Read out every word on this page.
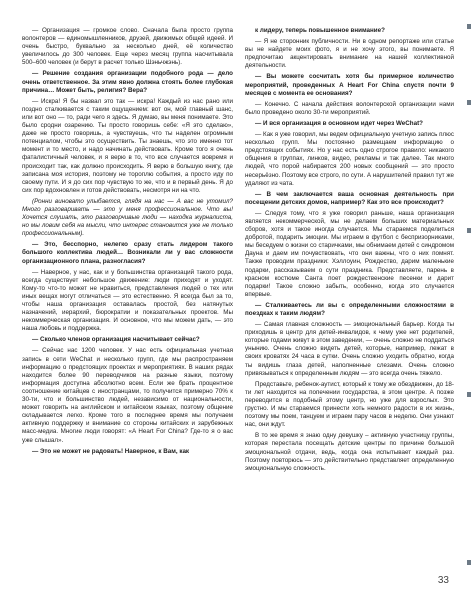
— Организация — громкое слово. Сначала была просто группа волонтеров — единомышленников, друзей, движимых общей идеей. И очень быстро, буквально за несколько дней, её количество увеличилось до 300 человек. Еще через месяц группа насчитывала 500–600 человек (и берут в расчет только Шэньчжэнь).

— Решение создания организации подобного рода — дело очень ответственное. За этим явно должна стоять более глубокая причина… Может быть, религия? Вера?

— Искра! Я бы назвал это так — искра! Каждый из нас рано или поздно сталкивается с таким ощущением: вот он, мой главный шанс, или вот оно — то, ради чего я здесь. Я думаю, вы меня понимаете. Это было сродни озарению. Ты просто говоришь себе: «Я это сделаю», даже не просто говоришь, а чувствуешь, что ты наделен огромным потенциалом, чтобы это осуществить. Ты знаешь, что это именно тот момент и то место, и надо начинать действовать. Кроме того я очень фаталистичный человек, и я верю в то, что все случается вовремя и происходит так, как должно происходить. Я верю в большую книгу, где записана моя история, поэтому не тороплю события, а просто иду по своему пути. И я до сих пор чувствую то же, что и в первый день. Я до сих пор вдохновлен и готов действовать, несмотря ни на что.

(Ронни виновато улыбается, глядя на нас — А вас не утомил? Много разговаривать — это у меня профессиональное. Что вы! Хочется слушать, это разговорчивые люди — находка журналиста, но мы ловим себя на мысли, что интерес становится уже не только профессиональным).

— Это, бесспорно, нелегко сразу стать лидером такого большого коллектива людей… Возникали ли у вас сложности организационного плана, разногласия?

— Наверное, у нас, как и у большинства организаций такого рода, всегда существует небольшое движение: люди приходят и уходят. Кому-то что-то может не нравиться, представления людей о тех или иных вещах могут отличаться — это естественно. Я всегда был за то, чтобы наша организация оставалась простой, без натянутых назначений, иерархий, бюрократии и показательных проектов. Мы некоммерческая организация. И основное, что мы можем дать, — это наша любовь и поддержка.

— Сколько членов организация насчитывает сейчас?

— Сейчас нас 1200 человек. У нас есть официальная учетная запись в сети WeChat и несколько групп, где мы распространяем информацию о предстоящих проектах и мероприятиях. В наших рядах находится более 90 переводчиков на разные языки, поэтому информация доступна абсолютно всем. Если же брать процентное соотношение китайцев с иностранцами, то получится примерно 70% к 30-ти, что и большинство людей, независимо от национальности, может говорить на английском и китайском языках, поэтому общение складывается легко. Кроме того в последнее время мы получаем активную поддержку и внимание со стороны китайских и зарубежных масс-медиа. Многие люди говорят: «A Heart For China? Где-то я о вас уже слышал».

— Это не может не радовать! Наверное, к Вам, как

к лидеру, теперь повышенное внимание?

— Я не сторонник публичности. Ни в одном репортаже или статье вы не найдете моих фото, я и не хочу этого, вы понимаете. Я предпочитаю акцентировать внимание на нашей коллективной деятельности.

— Вы можете сосчитать хотя бы примерное количество мероприятий, проведенных A Heart For China спустя почти 9 месяцев с момента ее основания?

— Конечно. С начала действия волонтерской организации нами было проведено около 30-ти мероприятий.

— И вся организация в основном идет через WeChat?

— Как я уже говорил, мы ведем официальную учетную запись плюс несколько групп. Мы постоянно размещаем информацию о предстоящих событиях. Но у нас есть одно строгое правило: никакого общения в группах, линков, видео, рекламы и так далее. Так много людей, что порой набирается 200 новых сообщений — это просто несерьёзно. Поэтому все строго, по сути. А нарушителей правил тут же удаляют из чата.

— В чем заключается ваша основная деятельность при посещении детских домов, например? Как это все происходит?

— Следуя тому, что я уже говорил раньше, наша организация является некоммерческой, мы не делаем больших материальных сборов, хотя и такое иногда случается. Мы стараемся поделиться добротой, подарить эмоции. Мы играем в футбол с беспризорниками, мы беседуем о жизни со старичками, мы обнимаем детей с синдромом Дауна и даем им почувствовать, что они важны, что о них помнят. Также проводим праздники: Хэллоуин, Рождество, дарим маленькие подарки, рассказываем о сути праздника. Представляете, парень в красном костюме Санта поет рождественские песенки и дарит подарки! Такое сложно забыть, особенно, когда это случается впервые.

— Сталкиваетесь ли вы с определенными сложностями в поездках к таким людям?

— Самая главная сложность — эмоциональный барьер. Когда ты приходишь в центр для детей-инвалидов, к чему уже нет родителей, которые годами живут в этом заведении, — очень сложно не поддаться унынию. Очень сложно видеть детей, которые, например, лежат в своих кроватях 24 часа в сутки. Очень сложно уходить обратно, когда ты видишь глаза детей, наполненные слезами. Очень сложно привязываться к определенным людям — это всегда очень тяжело.

Представьте, ребенок-аутист, который к тому же обездвижен, до 18-ти лет находится на попечении государства, в этом центре. А позже переводится в подобный этому центр, но уже для взрослых. Это грустно. И мы стараемся принести хоть немного радости в их жизнь, поэтому мы поем, танцуем и играем пару часов в неделю. Они узнают нас, они ждут.

В то же время я знаю одну девушку – активную участницу группы, которая перестала посещать детские центры по причине большой эмоциональной отдачи, ведь, когда она испытывает каждый раз. Поэтому повторюсь — это действительно представляет определенную эмоциональную сложность.

33
